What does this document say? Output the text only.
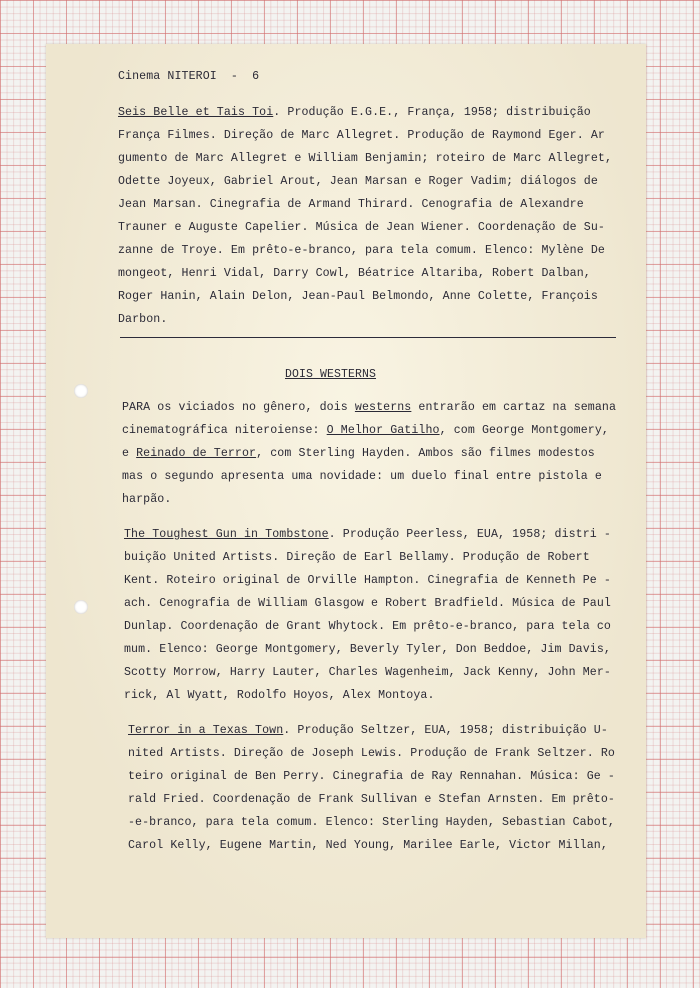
Cinema NITEROI  -  6
Seis Belle et Tais Toi. Produção E.G.E., França, 1958; distribuição
França Filmes. Direção de Marc Allegret. Produção de Raymond Eger. Ar
gumento de Marc Allegret e William Benjamin; roteiro de Marc Allegret,
Odette Joyeux, Gabriel Arout, Jean Marsan e Roger Vadim; diálogos de
Jean Marsan. Cinegrafia de Armand Thirard. Cenografia de Alexandre
Trauner e Auguste Capelier. Música de Jean Wiener. Coordenação de Su-
zanne de Troye. Em prêto-e-branco, para tela comum. Elenco: Mylène De
mongeot, Henri Vidal, Darry Cowl, Béatrice Altariba, Robert Dalban,
Roger Hanin, Alain Delon, Jean-Paul Belmondo, Anne Colette, François
Darbon.
DOIS WESTERNS
PARA os viciados no gênero, dois westerns entrarão em cartaz na semana
cinematográfica niteroiense: O Melhor Gatilho, com George Montgomery,
e Reinado de Terror, com Sterling Hayden. Ambos são filmes modestos
mas o segundo apresenta uma novidade: um duelo final entre pistola e
harpão.
The Toughest Gun in Tombstone. Produção Peerless, EUA, 1958; distri -
buição United Artists. Direção de Earl Bellamy. Produção de Robert
Kent. Roteiro original de Orville Hampton. Cinegrafia de Kenneth Pe -
ach. Cenografia de William Glasgow e Robert Bradfield. Música de Paul
Dunlap. Coordenação de Grant Whytock. Em prêto-e-branco, para tela co
mum. Elenco: George Montgomery, Beverly Tyler, Don Beddoe, Jim Davis,
Scotty Morrow, Harry Lauter, Charles Wagenheim, Jack Kenny, John Mer-
rick, Al Wyatt, Rodolfo Hoyos, Alex Montoya.
Terror in a Texas Town. Produção Seltzer, EUA, 1958; distribuição U-
nited Artists. Direção de Joseph Lewis. Produção de Frank Seltzer. Ro
teiro original de Ben Perry. Cinegrafia de Ray Rennahan. Música: Ge -
rald Fried. Coordenação de Frank Sullivan e Stefan Arnsten. Em prêto-
-e-branco, para tela comum. Elenco: Sterling Hayden, Sebastian Cabot,
Carol Kelly, Eugene Martin, Ned Young, Marilee Earle, Victor Millan,
